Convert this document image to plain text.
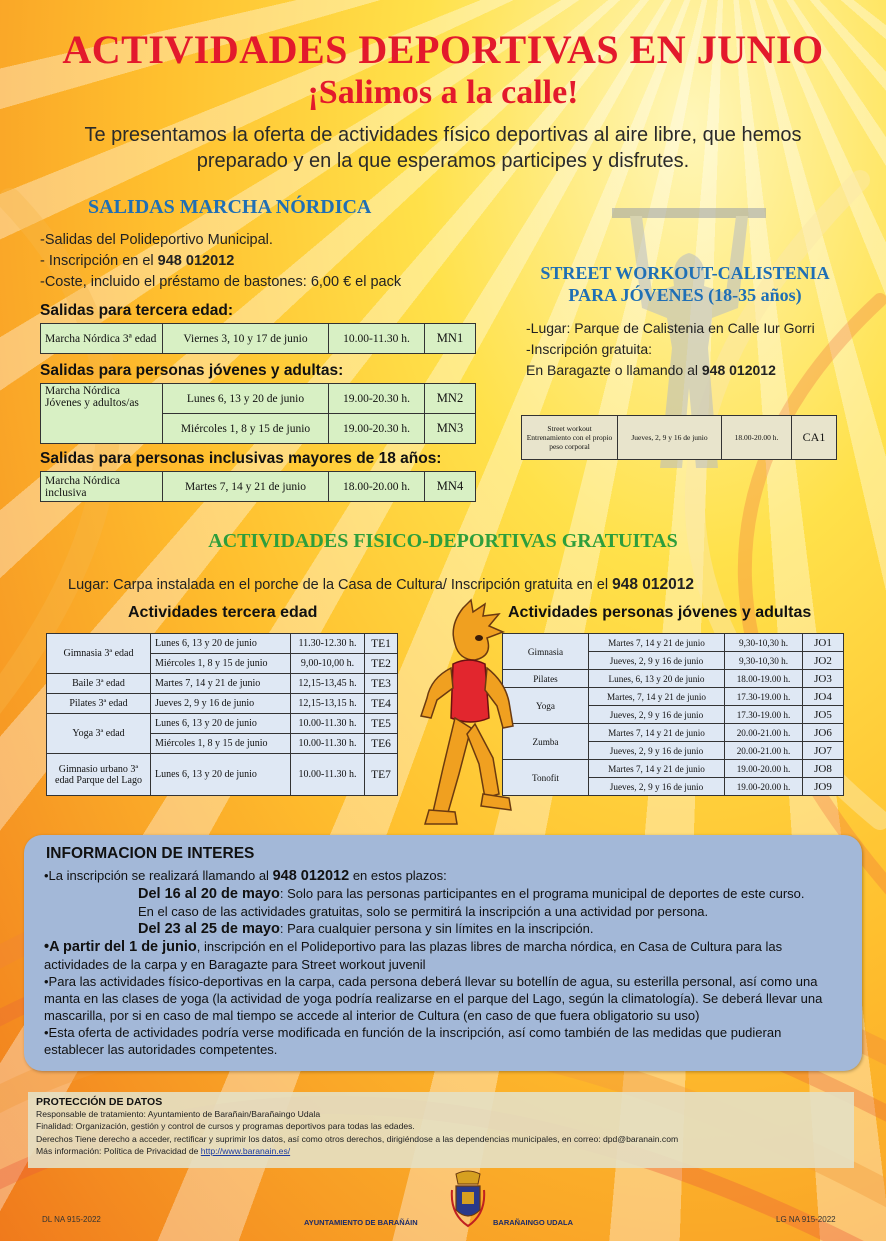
ACTIVIDADES DEPORTIVAS EN JUNIO
¡Salimos a la calle!
Te presentamos la oferta de actividades físico deportivas al aire libre, que hemos
preparado y en la que esperamos participes y disfrutes.
SALIDAS MARCHA NÓRDICA
-Salidas del Polideportivo Municipal.
- Inscripción en el 948 012012
-Coste, incluido el préstamo de bastones: 6,00 € el pack
Salidas para tercera edad:
Marcha Nórdica 3ª edad	Viernes 3, 10 y 17 de junio	10.00-11.30 h.	MN1
Salidas para personas jóvenes y adultas:
Marcha Nórdica Jóvenes y adultos/as	Lunes 6, 13 y 20 de junio	19.00-20.30 h.	MN2
	Miércoles 1, 8 y 15 de junio	19.00-20.30 h.	MN3
Salidas para personas inclusivas mayores de 18 años:
Marcha Nórdica inclusiva	Martes 7, 14 y 21 de junio	18.00-20.00 h.	MN4
STREET WORKOUT-CALISTENIA
PARA JÓVENES (18-35 años)
-Lugar: Parque de Calistenia en Calle Iur Gorri
-Inscripción gratuita:
En Baragazte o llamando al 948 012012
Street workout Entrenamiento con el propio peso corporal	Jueves, 2, 9 y 16 de junio	18.00-20.00 h.	CA1
ACTIVIDADES FISICO-DEPORTIVAS GRATUITAS
Lugar: Carpa instalada en el porche de la Casa de Cultura/ Inscripción gratuita en el 948 012012
Actividades tercera edad	Actividades personas jóvenes y adultas
Gimnasia 3ª edad	Lunes 6, 13 y 20 de junio	11.30-12.30 h.	TE1
	Miércoles 1, 8 y 15 de junio	9,00-10,00 h.	TE2
Baile 3ª edad	Martes 7, 14 y 21 de junio	12,15-13,45 h.	TE3
Pilates 3ª edad	Jueves 2, 9 y 16 de junio	12,15-13,15 h.	TE4
Yoga 3ª edad	Lunes 6, 13 y 20 de junio	10.00-11.30 h.	TE5
	Miércoles 1, 8 y 15 de junio	10.00-11.30 h.	TE6
Gimnasio urbano 3ª edad Parque del Lago	Lunes 6, 13 y 20 de junio	10.00-11.30 h.	TE7
Gimnasia	Martes 7, 14 y 21 de junio	9,30-10,30 h.	JO1
	Jueves, 2, 9 y 16 de junio	9,30-10,30 h.	JO2
Pilates	Lunes, 6, 13 y 20 de junio	18.00-19.00 h.	JO3
Yoga	Martes, 7, 14 y 21 de junio	17.30-19.00 h.	JO4
	Jueves, 2, 9 y 16 de junio	17.30-19.00 h.	JO5
Zumba	Martes 7, 14 y 21 de junio	20.00-21.00 h.	JO6
	Jueves, 2, 9 y 16 de junio	20.00-21.00 h.	JO7
Tonofit	Martes 7, 14 y 21 de junio	19.00-20.00 h.	JO8
	Jueves, 2, 9 y 16 de junio	19.00-20.00 h.	JO9
INFORMACION DE INTERES
•La inscripción se realizará llamando al 948 012012 en estos plazos:
Del 16 al 20 de mayo: Solo para las personas participantes en el programa municipal de deportes de este curso.
En el caso de las actividades gratuitas, solo se permitirá la inscripción a una actividad por persona.
Del 23 al 25 de mayo: Para cualquier persona y sin límites en la inscripción.
•A partir del 1 de junio, inscripción en el Polideportivo para las plazas libres de marcha nórdica, en Casa de Cultura para las actividades de la carpa y en Baragazte para Street workout juvenil
•Para las actividades físico-deportivas en la carpa, cada persona deberá llevar su botellín de agua, su esterilla personal, así como una manta en las clases de yoga (la actividad de yoga podría realizarse en el parque del Lago, según la climatología). Se deberá llevar una mascarilla, por si en caso de mal tiempo se accede al interior de Cultura (en caso de que fuera obligatorio su uso)
•Esta oferta de actividades podría verse modificada en función de la inscripción, así como también de las medidas que pudieran establecer las autoridades competentes.
PROTECCIÓN DE DATOS
Responsable de tratamiento: Ayuntamiento de Barañain/Barañaingo Udala
Finalidad: Organización, gestión y control de cursos y programas deportivos para todas las edades.
Derechos Tiene derecho a acceder, rectificar y suprimir los datos, así como otros derechos, dirigiéndose a las dependencias municipales, en correo: dpd@baranain.com
Más información: Política de Privacidad de http://www.baranain.es/
DL NA 915-2022	AYUNTAMIENTO DE BARAÑÁIN	BARAÑAINGO UDALA	LG NA 915-2022
